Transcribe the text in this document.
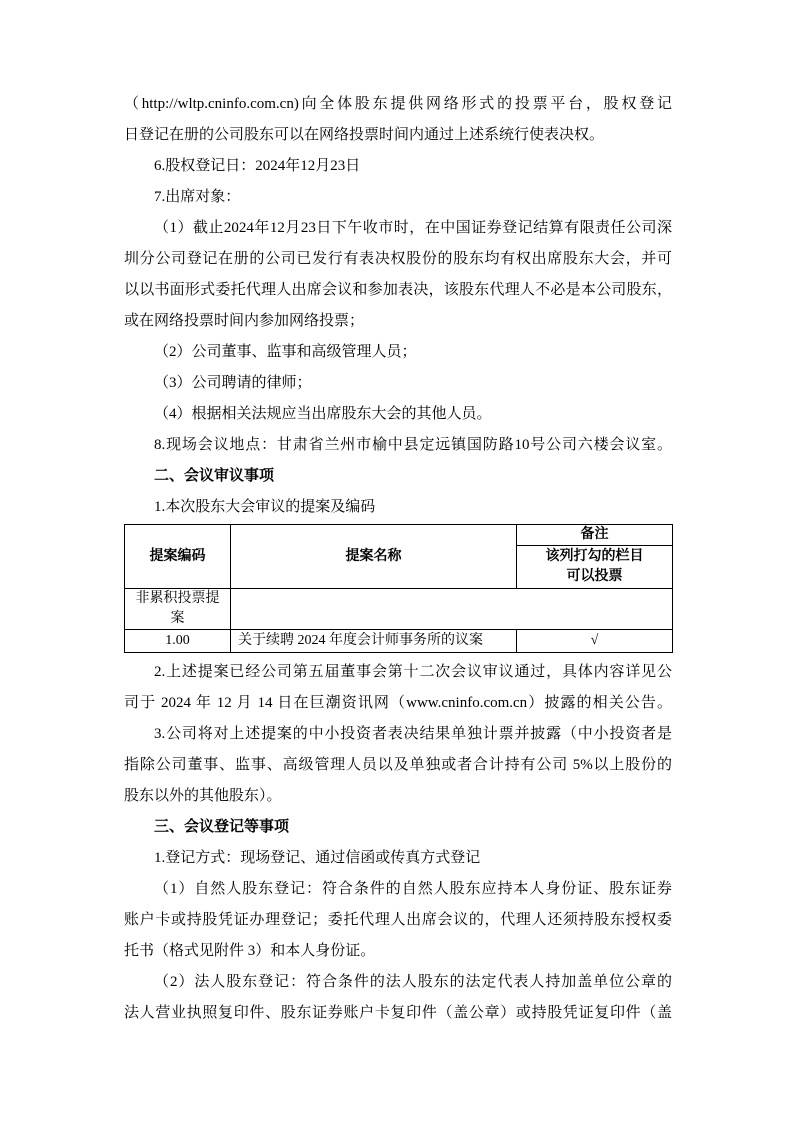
（http://wltp.cninfo.com.cn)向全体股东提供网络形式的投票平台，股权登记
日登记在册的公司股东可以在网络投票时间内通过上述系统行使表决权。
6.股权登记日：2024年12月23日
7.出席对象：
（1）截止2024年12月23日下午收市时，在中国证券登记结算有限责任公司深
圳分公司登记在册的公司已发行有表决权股份的股东均有权出席股东大会，并可
以以书面形式委托代理人出席会议和参加表决，该股东代理人不必是本公司股东，
或在网络投票时间内参加网络投票；
（2）公司董事、监事和高级管理人员；
（3）公司聘请的律师；
（4）根据相关法规应当出席股东大会的其他人员。
8.现场会议地点：甘肃省兰州市榆中县定远镇国防路10号公司六楼会议室。
二、会议审议事项
1.本次股东大会审议的提案及编码
提案编码	提案名称	备注

		该列打勾的栏目
可以投票

非累积投票提案		
1.00	关于续聘 2024 年度会计师事务所的议案	√
2.上述提案已经公司第五届董事会第十二次会议审议通过，具体内容详见公
司于 2024 年 12 月 14 日在巨潮资讯网（www.cninfo.com.cn）披露的相关公告。
3.公司将对上述提案的中小投资者表决结果单独计票并披露（中小投资者是
指除公司董事、监事、高级管理人员以及单独或者合计持有公司 5%以上股份的
股东以外的其他股东）。
三、会议登记等事项
1.登记方式：现场登记、通过信函或传真方式登记
（1）自然人股东登记：符合条件的自然人股东应持本人身份证、股东证券
账户卡或持股凭证办理登记；委托代理人出席会议的，代理人还须持股东授权委
托书（格式见附件 3）和本人身份证。
（2）法人股东登记：符合条件的法人股东的法定代表人持加盖单位公章的
法人营业执照复印件、股东证券账户卡复印件（盖公章）或持股凭证复印件（盖
